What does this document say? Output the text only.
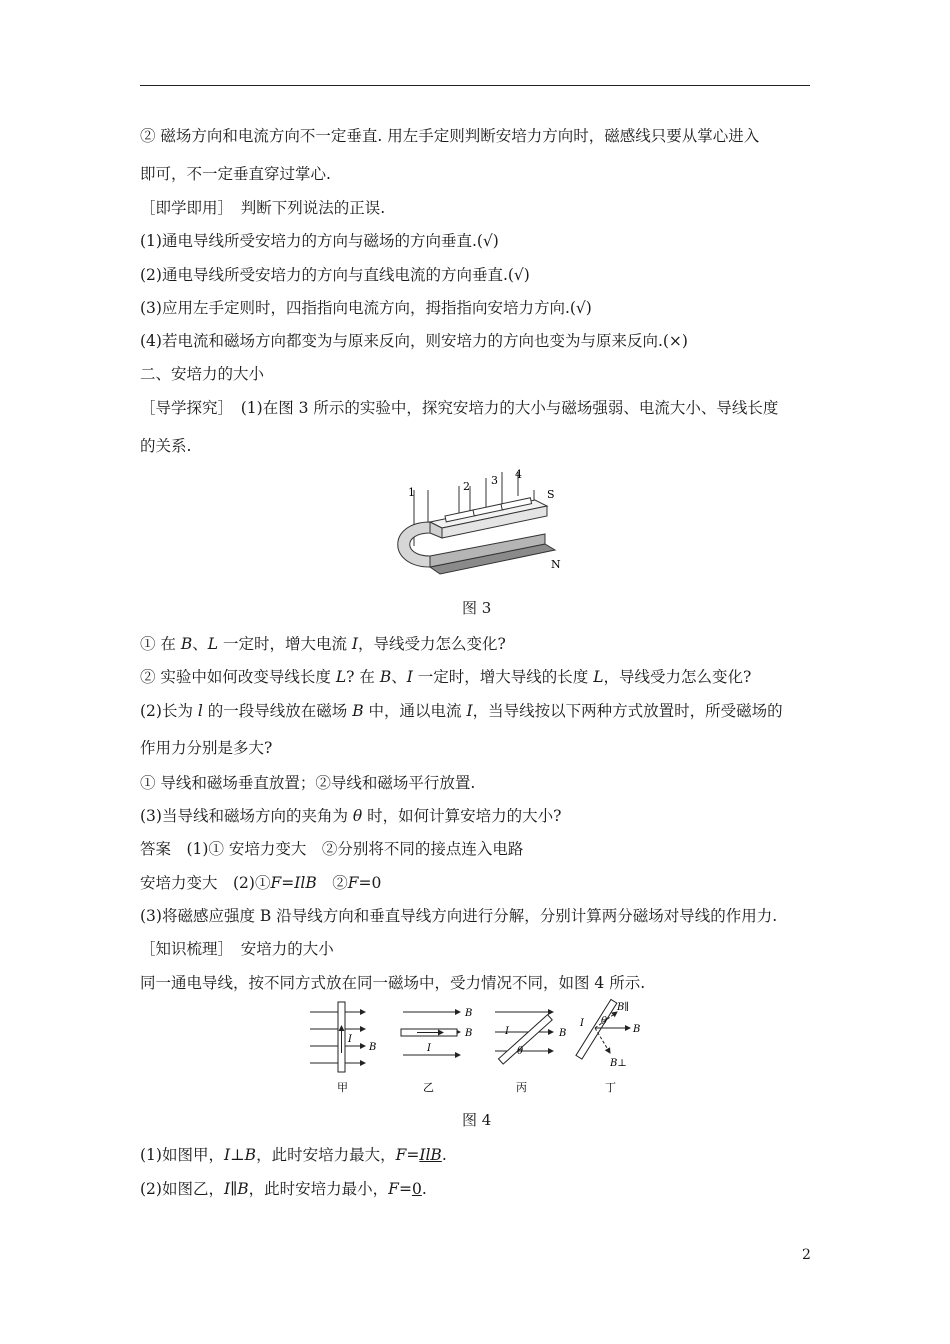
② 磁场方向和电流方向不一定垂直. 用左手定则判断安培力方向时，磁感线只要从掌心进入
即可，不一定垂直穿过掌心.
［即学即用］　判断下列说法的正误.
(1)通电导线所受安培力的方向与磁场的方向垂直.(√)
(2)通电导线所受安培力的方向与直线电流的方向垂直.(√)
(3)应用左手定则时，四指指向电流方向，拇指指向安培力方向.(√)
(4)若电流和磁场方向都变为与原来反向，则安培力的方向也变为与原来反向.(×)
二、安培力的大小
［导学探究］　(1)在图 3 所示的实验中，探究安培力的大小与磁场强弱、电流大小、导线长度
的关系.
1	2 3 4
S
N
图 3
① 在 B、L 一定时，增大电流 I，导线受力怎么变化?
② 实验中如何改变导线长度 L? 在 B、I 一定时，增大导线的长度 L，导线受力怎么变化?
(2)长为 l 的一段导线放在磁场 B 中，通以电流 I，当导线按以下两种方式放置时，所受磁场的
作用力分别是多大?
① 导线和磁场垂直放置；②导线和磁场平行放置.
(3)当导线和磁场方向的夹角为 θ 时，如何计算安培力的大小?
答案　(1)① 安培力变大　②分别将不同的接点连入电路
安培力变大　(2)①F=IlB　②F=0
(3)将磁感应强度 B 沿导线方向和垂直导线方向进行分解，分别计算两分磁场对导线的作用力.
［知识梳理］　安培力的大小
同一通电导线，按不同方式放在同一磁场中，受力情况不同，如图 4 所示.
I
B
甲
B
B
I
乙
I	B
θ
丙
I
B
B∥
B⊥
θ
丁
图 4
(1)如图甲，I⊥B，此时安培力最大，F=IlB.
(2)如图乙，I∥B，此时安培力最小，F=0.
2
